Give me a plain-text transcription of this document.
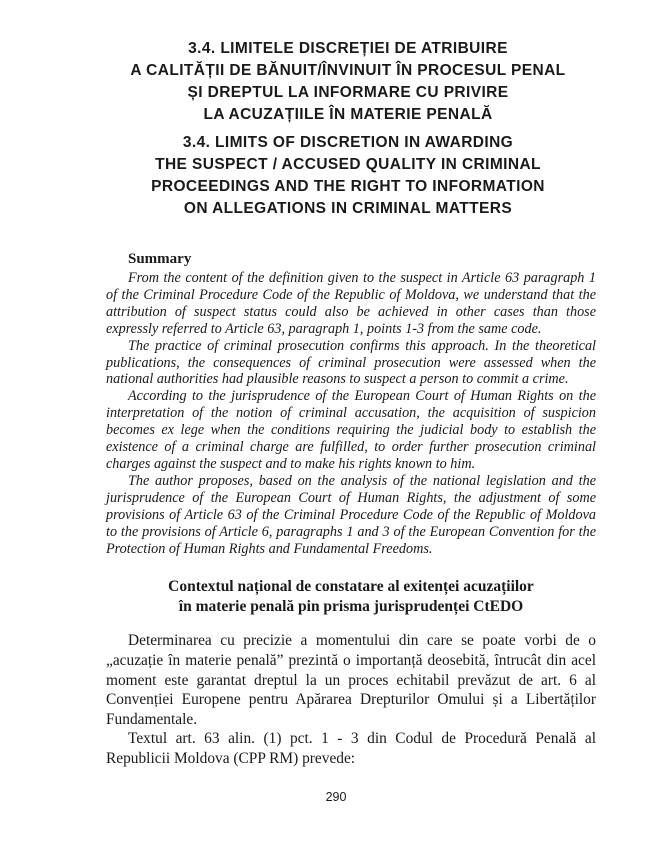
3.4. LIMITELE DISCREȚIEI DE ATRIBUIRE
A CALITĂȚII DE BĂNUIT/ÎNVINUIT ÎN PROCESUL PENAL
ȘI DREPTUL LA INFORMARE CU PRIVIRE
LA ACUZAȚIILE ÎN MATERIE PENALĂ
3.4. LIMITS OF DISCRETION IN AWARDING
THE SUSPECT / ACCUSED QUALITY IN CRIMINAL
PROCEEDINGS AND THE RIGHT TO INFORMATION
ON ALLEGATIONS IN CRIMINAL MATTERS
Summary

From the content of the definition given to the suspect in Article 63 paragraph 1 of the Criminal Procedure Code of the Republic of Moldova, we understand that the attribution of suspect status could also be achieved in other cases than those expressly referred to Article 63, paragraph 1, points 1-3 from the same code.

The practice of criminal prosecution confirms this approach. In the theoretical publications, the consequences of criminal prosecution were assessed when the national authorities had plausible reasons to suspect a person to commit a crime.

According to the jurisprudence of the European Court of Human Rights on the interpretation of the notion of criminal accusation, the acquisition of suspicion becomes ex lege when the conditions requiring the judicial body to establish the existence of a criminal charge are fulfilled, to order further prosecution criminal charges against the suspect and to make his rights known to him.

The author proposes, based on the analysis of the national legislation and the jurisprudence of the European Court of Human Rights, the adjustment of some provisions of Article 63 of the Criminal Procedure Code of the Republic of Moldova to the provisions of Article 6, paragraphs 1 and 3 of the European Convention for the Protection of Human Rights and Fundamental Freedoms.

Contextul național de constatare al exitenței acuzațiilor
în materie penală pin prisma jurisprudenței CtEDO

Determinarea cu precizie a momentului din care se poate vorbi de o „acuzație în materie penală” prezintă o importanță deosebită, întrucât din acel moment este garantat dreptul la un proces echitabil prevăzut de art. 6 al Convenției Europene pentru Apărarea Drepturilor Omului și a Libertăților Fundamentale.

Textul art. 63 alin. (1) pct. 1 - 3 din Codul de Procedură Penală al Republicii Moldova (CPP RM) prevede:

290
